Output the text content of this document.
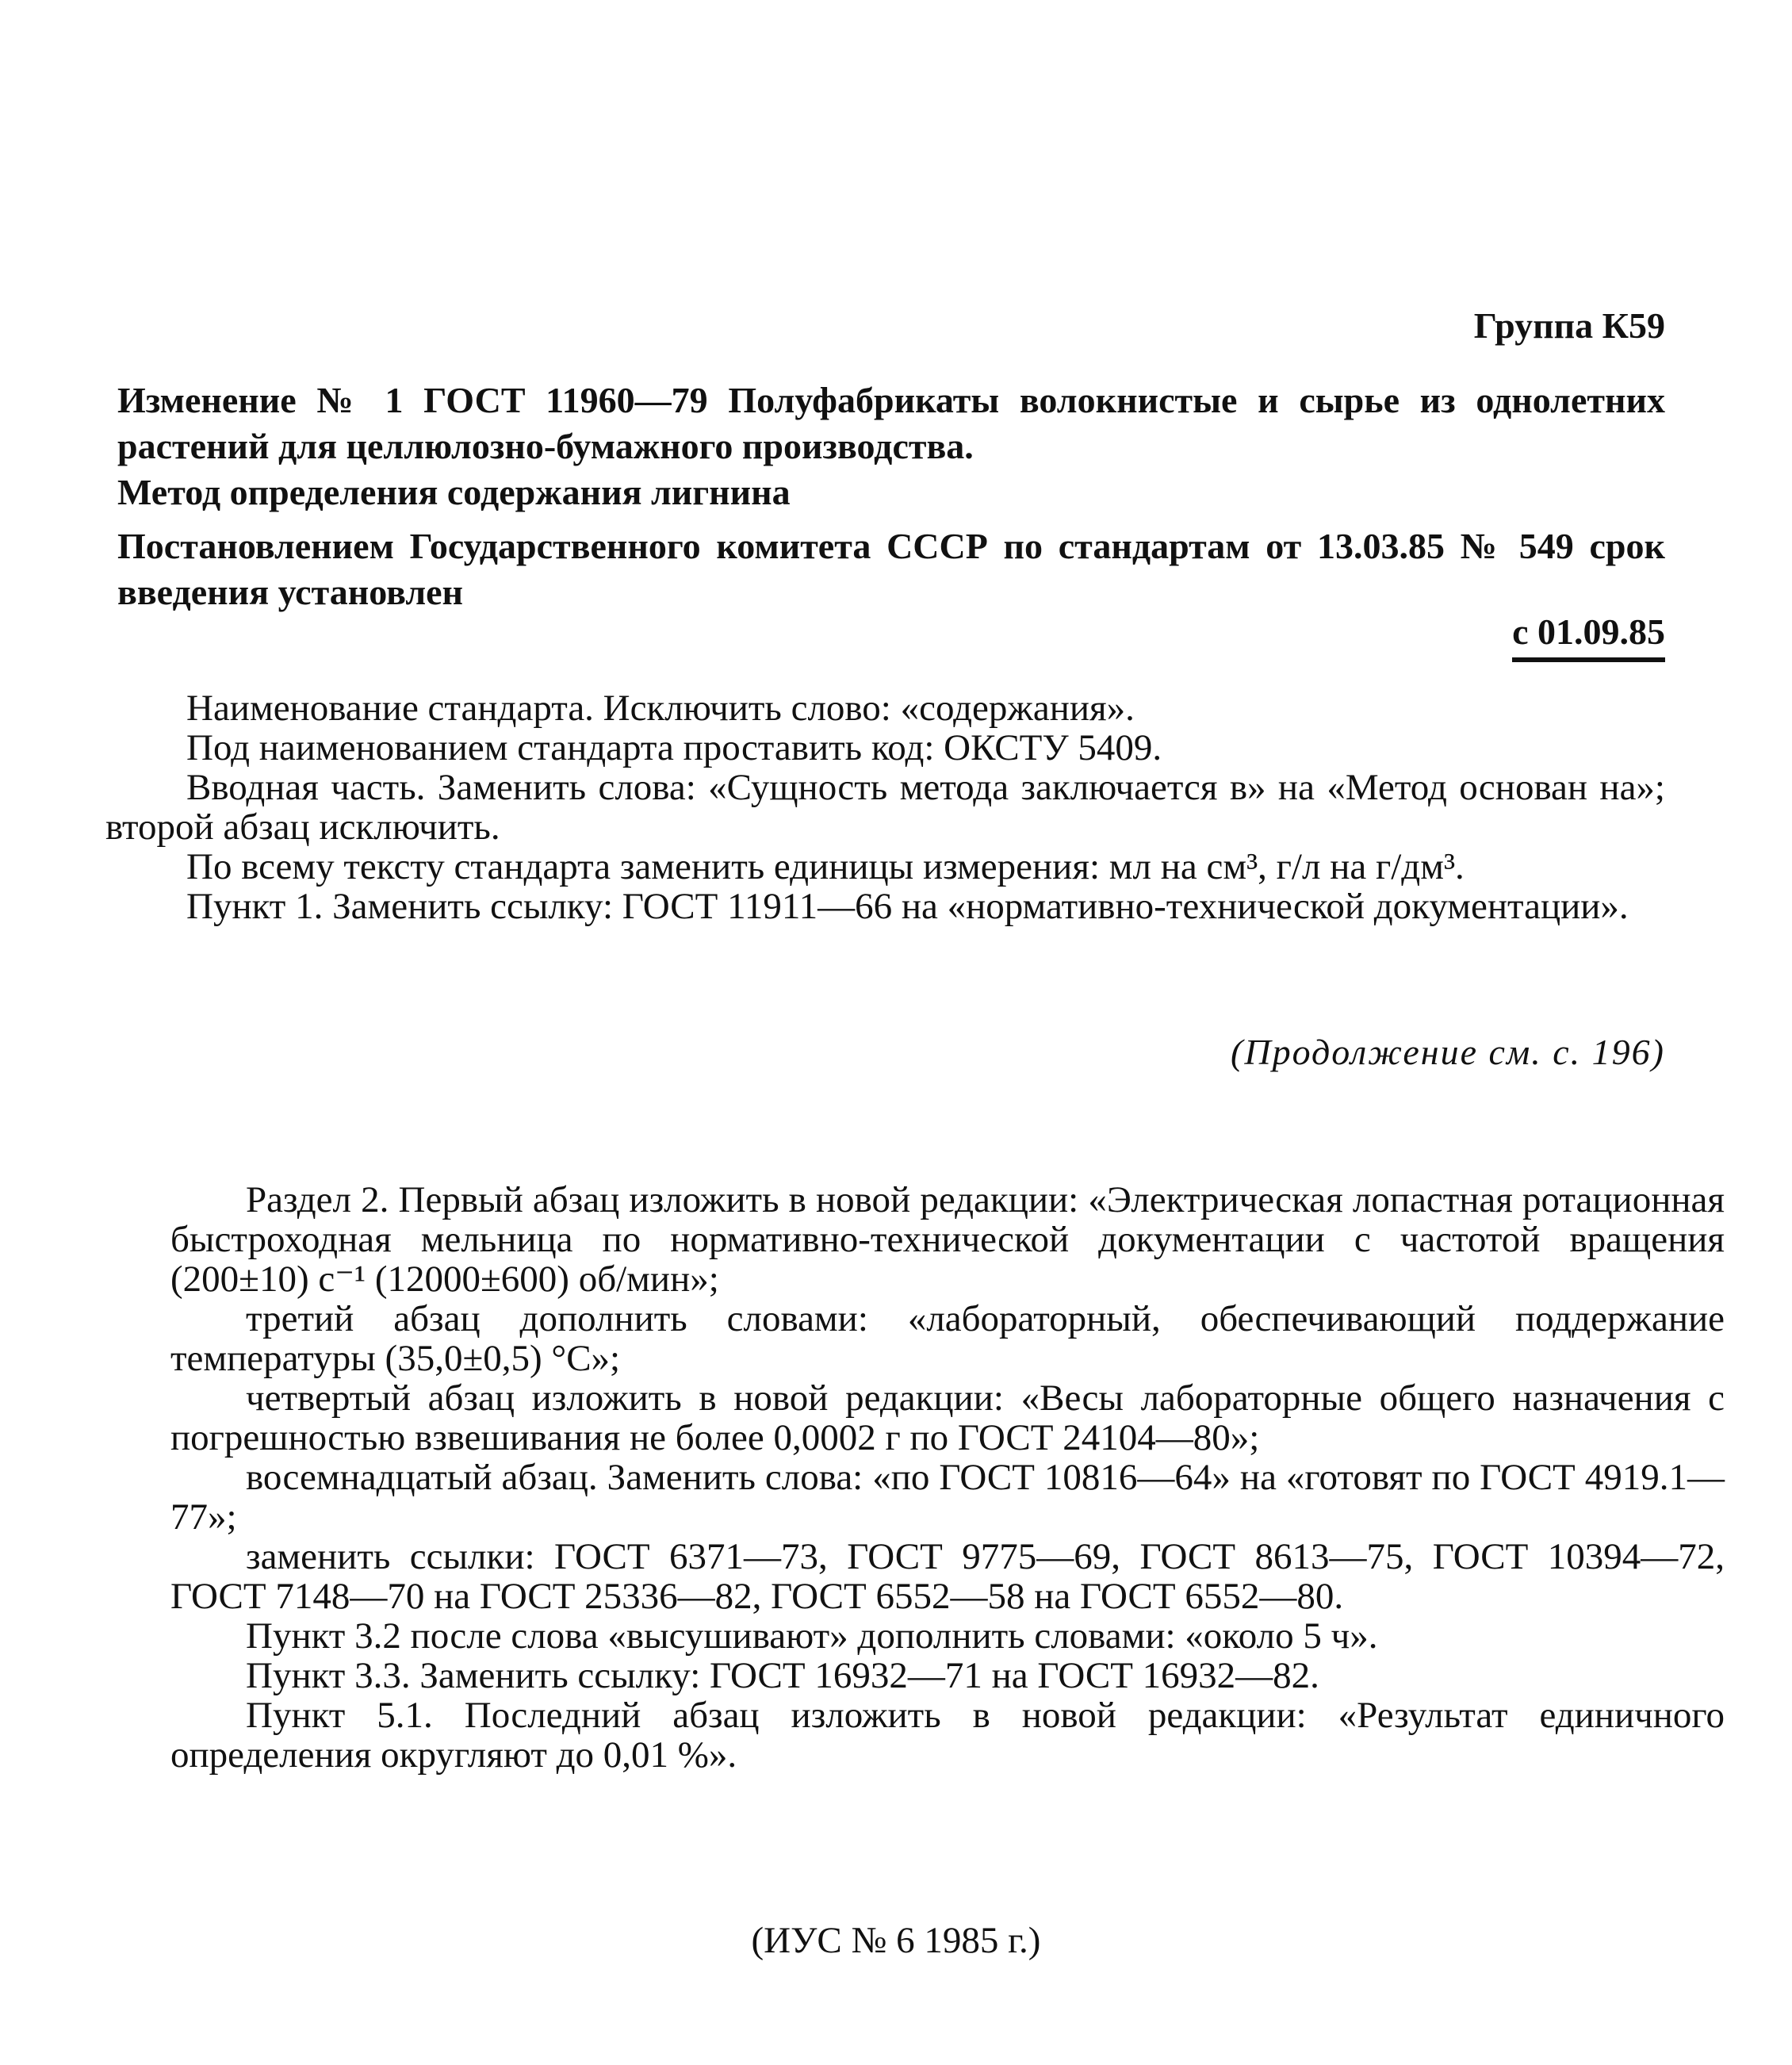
Группа К59

Изменение № 1 ГОСТ 11960—79 Полуфабрикаты волокнистые и сырье из однолетних растений для целлюлозно-бумажного производства.

Метод определения содержания лигнина

Постановлением Государственного комитета СССР по стандартам от 13.03.85 № 549 срок введения установлен

с 01.09.85

Наименование стандарта. Исключить слово: «содержания».

Под наименованием стандарта проставить код: ОКСТУ 5409.

Вводная часть. Заменить слова: «Сущность метода заключается в» на «Метод основан на»; второй абзац исключить.

По всему тексту стандарта заменить единицы измерения: мл на см³, г/л на г/дм³.

Пункт 1. Заменить ссылку: ГОСТ 11911—66 на «нормативно-технической документации».

(Продолжение см. с. 196)

Раздел 2. Первый абзац изложить в новой редакции: «Электрическая лопастная ротационная быстроходная мельница по нормативно-технической документации с частотой вращения (200±10) с⁻¹ (12000±600) об/мин»;

третий абзац дополнить словами: «лабораторный, обеспечивающий поддержание температуры (35,0±0,5) °С»;

четвертый абзац изложить в новой редакции: «Весы лабораторные общего назначения с погрешностью взвешивания не более 0,0002 г по ГОСТ 24104—80»;

восемнадцатый абзац. Заменить слова: «по ГОСТ 10816—64» на «готовят по ГОСТ 4919.1—77»;

заменить ссылки: ГОСТ 6371—73, ГОСТ 9775—69, ГОСТ 8613—75, ГОСТ 10394—72, ГОСТ 7148—70 на ГОСТ 25336—82, ГОСТ 6552—58 на ГОСТ 6552—80.

Пункт 3.2 после слова «высушивают» дополнить словами: «около 5 ч».

Пункт 3.3. Заменить ссылку: ГОСТ 16932—71 на ГОСТ 16932—82.

Пункт 5.1. Последний абзац изложить в новой редакции: «Результат единичного определения округляют до 0,01 %».

(ИУС № 6 1985 г.)
